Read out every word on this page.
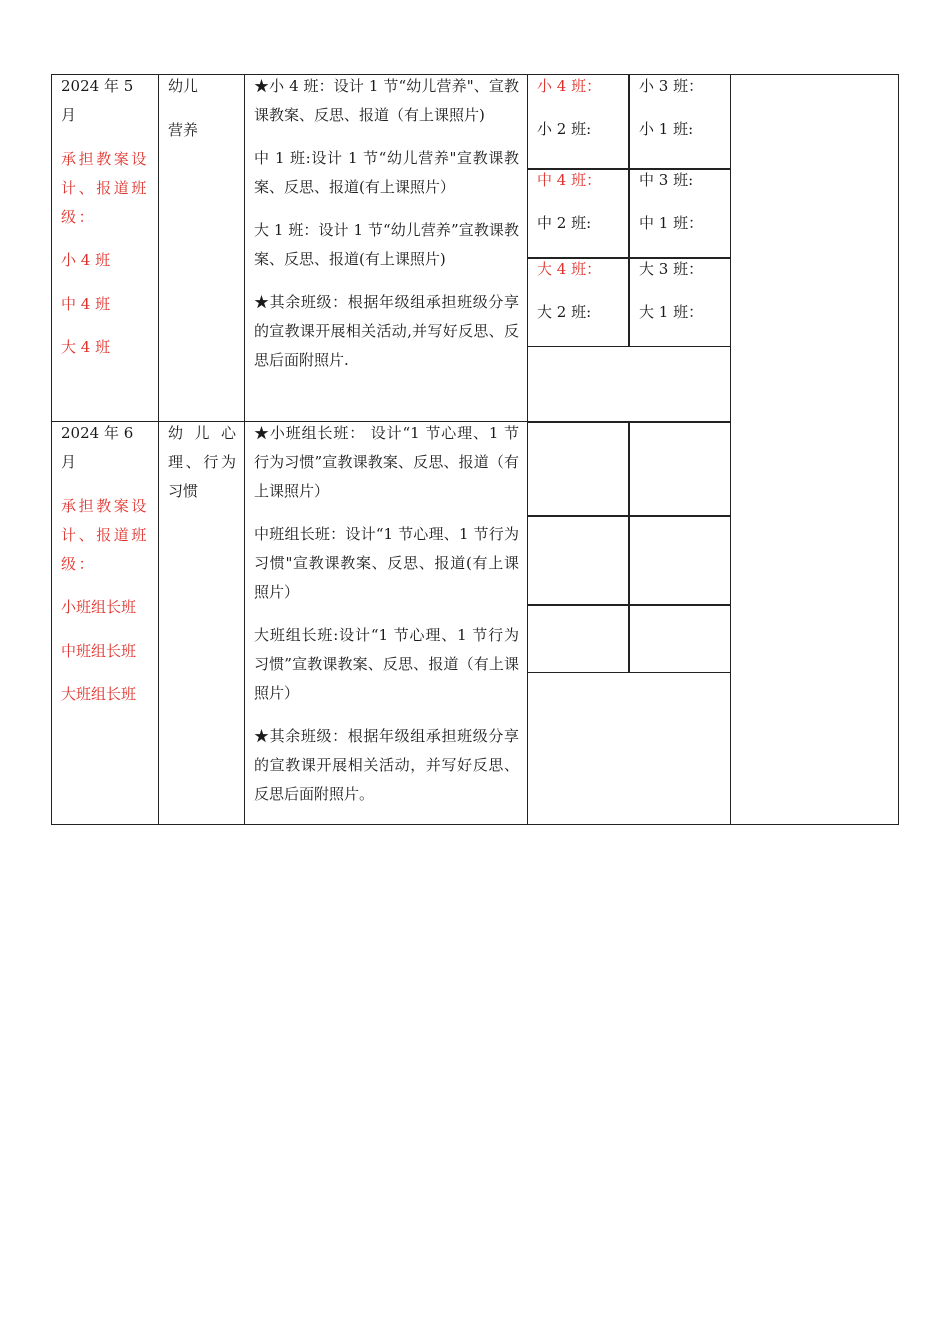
2024 年 5 月
承担教案设计、报道班级：
小 4 班
中 4 班
大 4 班
幼儿
营养
★小 4 班：设计 1 节“幼儿营养"、宣教课教案、反思、报道（有上课照片)
中 1 班:设计 1 节“幼儿营养"宣教课教案、反思、报道(有上课照片）
大 1 班：设计 1 节“幼儿营养”宣教课教案、反思、报道(有上课照片)
★其余班级：根据年级组承担班级分享的宣教课开展相关活动,并写好反思、反思后面附照片.
小 4 班：
小 2 班:
小 3 班：
小 1 班:
中 4 班：
中 2 班:
中 3 班:
中 1 班：
大 4 班：
大 2 班:
大 3 班：
大 1 班：
2024 年 6 月
承担教案设计、报道班级：
小班组长班
中班组长班
大班组长班
幼儿心理、行为习惯
★小班组长班： 设计“1 节心理、1 节行为习惯”宣教课教案、反思、报道（有上课照片）
中班组长班：设计“1 节心理、1 节行为习惯"宣教课教案、反思、报道(有上课照片）
大班组长班:设计“1 节心理、1 节行为习惯”宣教课教案、反思、报道（有上课照片）
★其余班级：根据年级组承担班级分享的宣教课开展相关活动，并写好反思、反思后面附照片。
